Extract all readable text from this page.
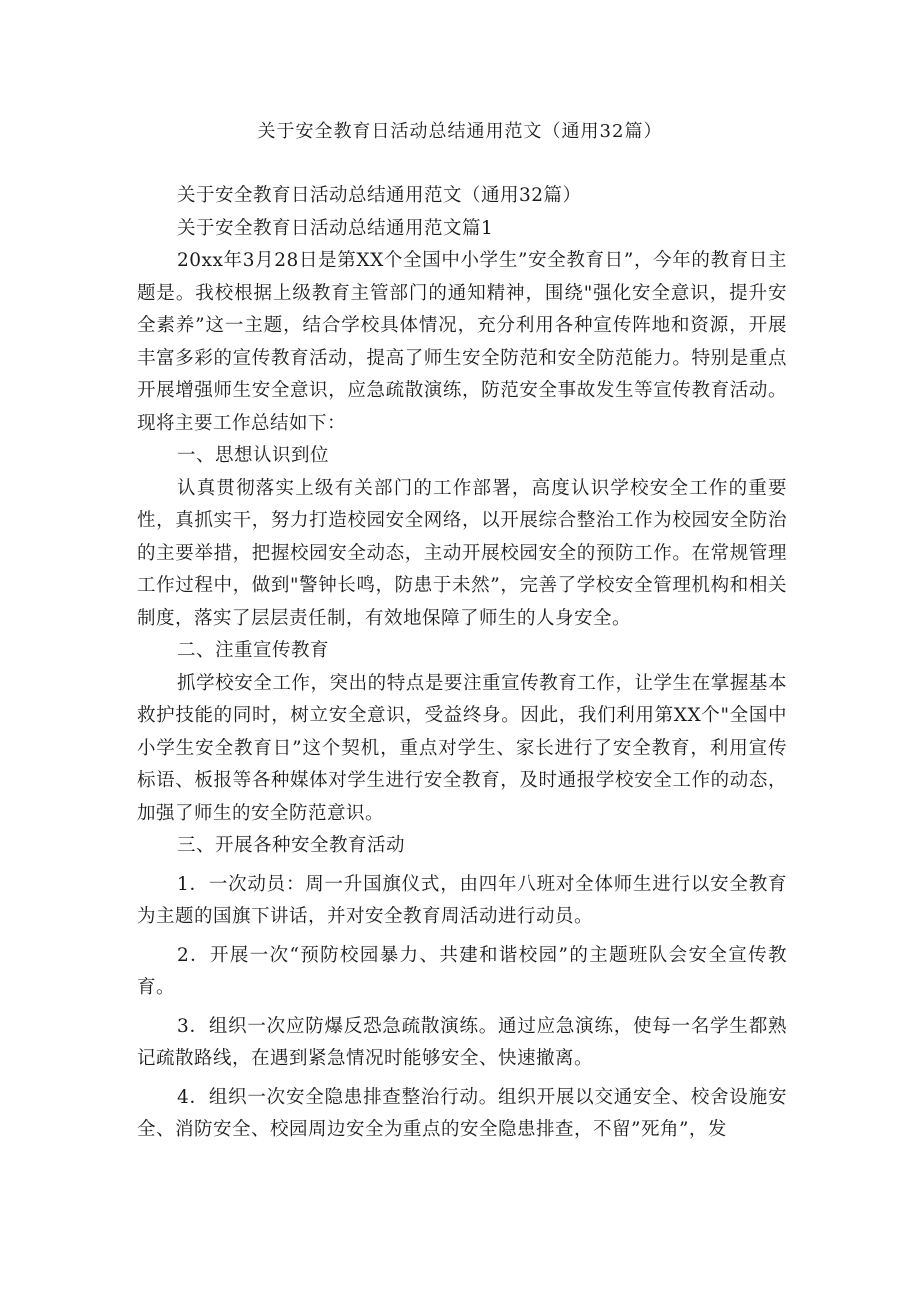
关于安全教育日活动总结通用范文（通用32篇）

关于安全教育日活动总结通用范文（通用32篇）

关于安全教育日活动总结通用范文篇1

20xx年3月28日是第XX个全国中小学生”安全教育日”，今年的教育日主题是。我校根据上级教育主管部门的通知精神，围绕"强化安全意识，提升安全素养”这一主题，结合学校具体情况，充分利用各种宣传阵地和资源，开展丰富多彩的宣传教育活动，提高了师生安全防范和安全防范能力。特别是重点开展增强师生安全意识，应急疏散演练，防范安全事故发生等宣传教育活动。现将主要工作总结如下：

一、思想认识到位

认真贯彻落实上级有关部门的工作部署，高度认识学校安全工作的重要性，真抓实干，努力打造校园安全网络，以开展综合整治工作为校园安全防治的主要举措，把握校园安全动态，主动开展校园安全的预防工作。在常规管理工作过程中，做到"警钟长鸣，防患于未然”，完善了学校安全管理机构和相关制度，落实了层层责任制，有效地保障了师生的人身安全。

二、注重宣传教育

抓学校安全工作，突出的特点是要注重宣传教育工作，让学生在掌握基本救护技能的同时，树立安全意识，受益终身。因此，我们利用第XX个"全国中小学生安全教育日”这个契机，重点对学生、家长进行了安全教育，利用宣传标语、板报等各种媒体对学生进行安全教育，及时通报学校安全工作的动态，加强了师生的安全防范意识。

三、开展各种安全教育活动

1．一次动员：周一升国旗仪式，由四年八班对全体师生进行以安全教育为主题的国旗下讲话，并对安全教育周活动进行动员。

2．开展一次“预防校园暴力、共建和谐校园”的主题班队会安全宣传教育。

3．组织一次应防爆反恐急疏散演练。通过应急演练，使每一名学生都熟记疏散路线，在遇到紧急情况时能够安全、快速撤离。

4．组织一次安全隐患排查整治行动。组织开展以交通安全、校舍设施安全、消防安全、校园周边安全为重点的安全隐患排查，不留”死角”，发
